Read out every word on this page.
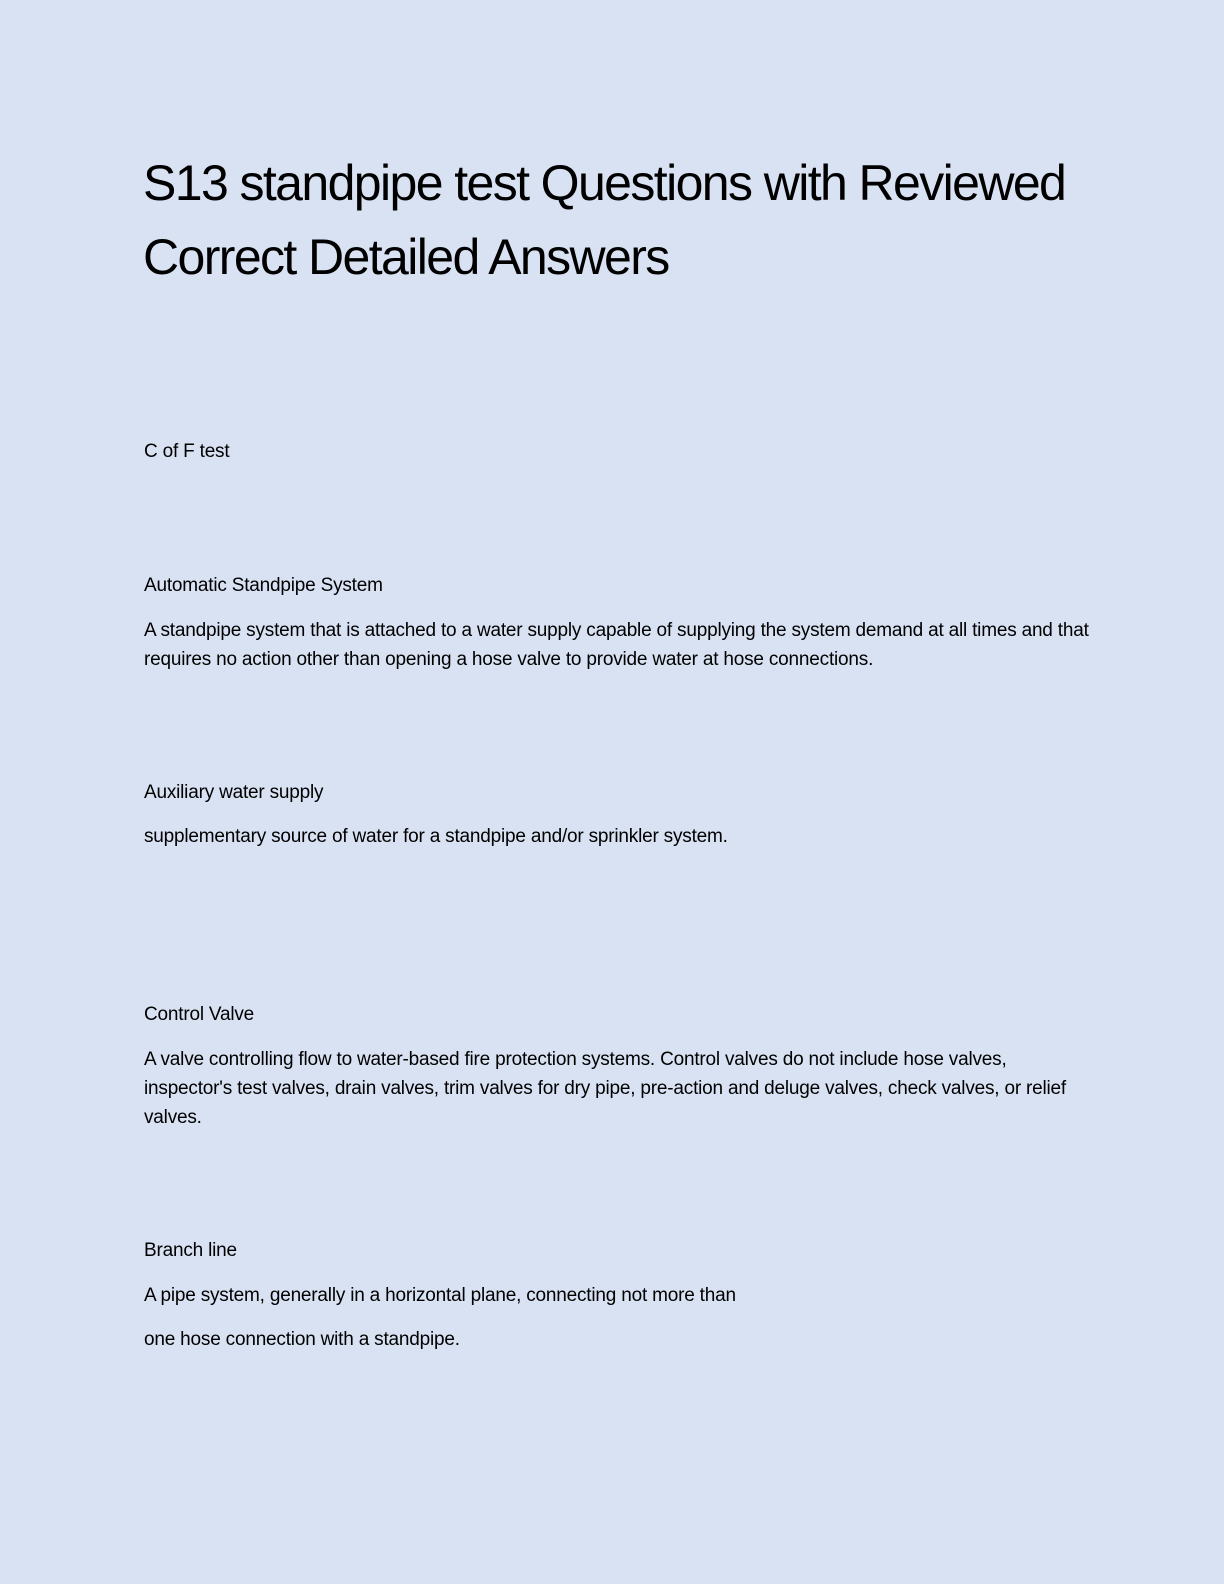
S13 standpipe test Questions with Reviewed Correct Detailed Answers

C of F test

Automatic Standpipe System

A standpipe system that is attached to a water supply capable of supplying the system demand at all times and that requires no action other than opening a hose valve to provide water at hose connections.

Auxiliary water supply

supplementary source of water for a standpipe and/or sprinkler system.

Control Valve

A valve controlling flow to water-based fire protection systems. Control valves do not include hose valves, inspector's test valves, drain valves, trim valves for dry pipe, pre-action and deluge valves, check valves, or relief valves.

Branch line

A pipe system, generally in a horizontal plane, connecting not more than

one hose connection with a standpipe.
